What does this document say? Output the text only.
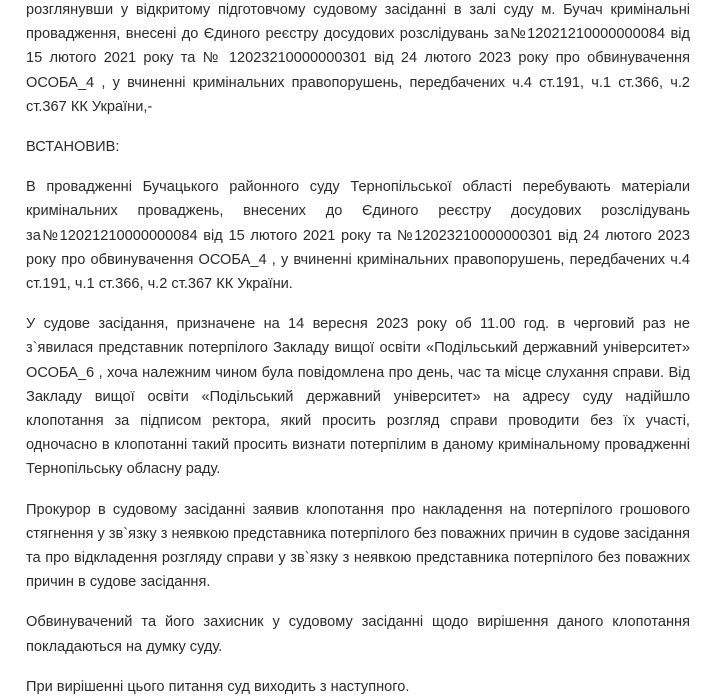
розглянувши у відкритому підготовчому судовому засіданні в залі суду м. Бучач кримінальні провадження, внесені до Єдиного реєстру досудових розслідувань за№12021210000000084 від 15 лютого 2021 року та № 12023210000000301 від 24 лютого 2023 року про обвинувачення ОСОБА_4 , у вчиненні кримінальних правопорушень, передбачених ч.4 ст.191, ч.1 ст.366, ч.2 ст.367 КК України,-

ВСТАНОВИВ:

В провадженні Бучацького районного суду Тернопільської області перебувають матеріали кримінальних проваджень, внесених до Єдиного реєстру досудових розслідувань за№12021210000000084 від 15 лютого 2021 року та №12023210000000301 від 24 лютого 2023 року про обвинувачення ОСОБА_4 , у вчиненні кримінальних правопорушень, передбачених ч.4 ст.191, ч.1 ст.366, ч.2 ст.367 КК України.

У судове засідання, призначене на 14 вересня 2023 року об 11.00 год. в черговий раз не з`явилася представник потерпілого Закладу вищої освіти «Подільський державний університет» ОСОБА_6 , хоча належним чином була повідомлена про день, час та місце слухання справи. Від Закладу вищої освіти «Подільський державний університет» на адресу суду надійшло клопотання за підписом ректора, який просить розгляд справи проводити без їх участі, одночасно в клопотанні такий просить визнати потерпілим в даному кримінальному провадженні Тернопільську обласну раду.

Прокурор в судовому засіданні заявив клопотання про накладення на потерпілого грошового стягнення у зв`язку з неявкою представника потерпілого без поважних причин в судове засідання та про відкладення розгляду справи у зв`язку з неявкою представника потерпілого без поважних причин в судове засідання.

Обвинувачений та його захисник у судовому засіданні щодо вирішення даного клопотання покладаються на думку суду.

При вирішенні цього питання суд виходить з наступного.
